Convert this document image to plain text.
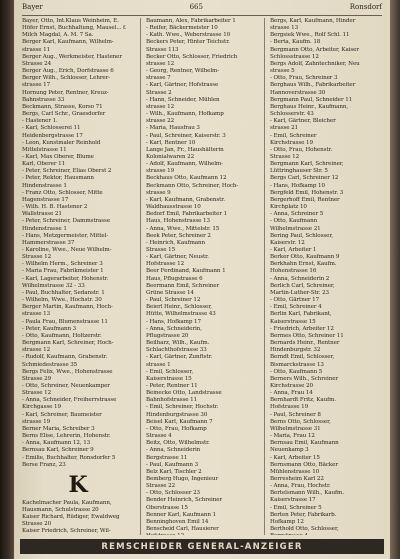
Bayer	665	Ronsdorf
Bayer, Otto, Int.Klaus Weinheim, E.
Höfer Ernst, Buchhaltung, Mausel... f.
Milch Magdal, A. M. 7 Sa.
Berger Karl, Kaufmann, Wilhelm-
strasse 11
Berger Aug., Werkmeister, Hastener
Strasse 24
Berger Aug., Erich, Dorfstrasse 6
Berger Wilh., Schlosser, Lehrer-
strasse 17
Hornung Peter, Rentner, Kreuz-
Bahnstrasse 33
Beckmann, Strasse, Korso 71
Bergs, Carl Schr., Graesdorfer
- Hastener 1.
- Karl, Schlosserei 11
Heidenbergstrasse 17
- Leon, Kunstmaler Reinhold
Mittelstrasse 11
- Karl, Max Oberer, Blume
Karl, Oberer 11
- Peter, Schreiner, Elias Oberst 2
- Peter, Rektor, Hausmann
Hindenstrasse 1
- Franz Otto, Schlosser, Mitte
Hagenstrasse 17
- Wilh. H. B. Hastener 2
Wallstrasse 21
- Peter, Schreiner, Dammstrasse
Hindenstrasse 1
- Hans, Metzgermeister, Mittel-
Hammerstrasse 37
- Karoline, Wwe., Neue Wilhelm-
Strasse 12
- Wilhelm Herm., Schreiner 3
- Maria Frau, Fabrikmeister 1
- Karl, Lagerarbeiter, Hohenstr.
Wilhelmstrasse 32 - 33
- Paul, Buchhalter, Sedanstr. 1
- Wilhelm, Wwe., Hochstr. 30
Berger Martin, Kaufmann, Hoch-
strasse 13
- Paula Frau, Blumenstrasse 11
- Peter, Kaufmann 3
- Otto, Kaufmann, Holtzerstr.
Bergmann Karl, Schreiner, Hoch-
strasse 12
- Rudolf, Kaufmann, Grabenstr.
Schmiedestrasse 35
Bergs Felix, Wwe., Hohenstrasse
Strasse 29
- Otto, Schreiner, Neuenkamper
Strasse 12
- Anna, Schneider, Freiherrstrasse
Kirchgasse 19
- Karl, Schreiner, Baumeister
strasse 19
Berner Maria, Schreiber 3
Berns Elise, Lehrerin, Hohenstr.
- Anna, Kaufmann 12, 13
Bernsau Karl, Schreiner 9
- Emilie, Buchhalter, Ronsdorfer 5
Berse Franz, 23
K
Kachelmacher Paula, Kaufmann,
Hausmann, Schulstrasse 20
Kaiser Richard, Rüdiger, Ewaldweg
Strasse 20
Kaiser Friedrich, Schreiner, Wil-
Baumann, Alex, Fabrikarbeiter 1
- Reifer, Bäckermeister 10
- Kath. Wwe., Weberstrasse 10
Beckers Peter, Hinter Teichstr.
Strasse 113
Becker Otto, Schlosser, Friedrich
strasse 12
- Georg, Rentner, Wilhelm-
strasse 7
- Karl, Gärtner, Hofstrasse
Strasse 2
- Hann, Schneider, Mühlen
strasse 12
- Wilh., Kaufmann, Hofkamp
strasse 22
- Maria, Hausfrau 3
- Paul, Schreiner, Kaiserstr. 3
- Karl, Rentner 10
Lange Jan, Fr., Haushälterin
Kolonialwaren 22
- Adolf, Kaufmann, Wilhelm-
strasse 19
Beckhaus Otto, Kaufmann 12
Beckmann Otto, Schreiner, Hoch-
strasse 9
- Karl, Kaufmann, Grabenstr.
Waldhausstrasse 10
Bedorf Emil, Fabrikarbeiter 1
Haus, Hohenstrasse 13
- Anna, Wwe., Mittelstr. 15
Beek Peter, Schreiner 2
- Heinrich, Kaufmann
Strasse 15
- Karl, Gärtner, Neustr.
Hofstrasse 12
Beer Ferdinand, Kaufmann 1
Haus, Pflugstrasse 6
Beermann Emil, Schreiner
Grüne Strasse 14
- Paul, Schreiner 12
Beierl Heinr., Schlosser,
Hütte, Wilhelmstrasse 43
- Hans, Hofkamp 17
- Anna, Schneiderin,
Pflugstrasse 20
Beilharz, Wilh., Kaufm.
Schlachthofstrasse 33
- Karl, Gärtner, Zunftstr.
strasse 1
- Emil, Schlosser,
Kaiserstrasse 15
- Peter, Rentner 11
Beinecke Otto, Landstrasse
Bahnhofstrasse 11
- Emil, Schreiner, Hochstr.
Hindenburgstrasse 30
Beisel Karl, Kaufmann 7
- Otto, Frau, Hofkamp
Strasse 4
Beitz, Otto, Wilhelmstr.
- Anna, Schneiderin
Bergstrasse 11
- Paul, Kaufmann 3
Belz Karl, Tischler 2
Bemberg Hugo, Ingenieur
Strasse 22
- Otto, Schlosser 23
Bender Heinrich, Schreiner
Oberstrasse 15
Benner Karl, Kaufmann 1
Benninghoven Emil 14
Benscheid Carl, Hausierer
Bergs, Karl, Kaufmann, Hinder
strasse 13
Bergsiek Wwe., Rolf Schl. 11
- Berta, Kaufm. 18
Bergmann Otto, Arbeiter, Kaiser
Schlossstrasse 12
Bergs Adolf, Zahntechniker, Neu
strasse 5
- Otto, Frau, Schreiner 3
Berghaus Wilh., Fabrikarbeiter
Hannoverstrasse 30
Bergmann Paul, Schneider 11
Berghaus Heinr., Kaufmann,
Schlosserstr. 43
- Karl, Gärtner, Bleicher
strasse 21
- Emil, Schreiner
Kirchstrasse 19
- Otto, Frau, Hohenstr.
Strasse 12
Bergmann Karl, Schreiner,
Lüttringhauser Str. 5
Bergs Carl, Schreiner 12
- Hans, Hofkamp 10
Bergfeld Emil, Hohenstr. 3
Bergerhoff Emil, Rentner
Kirchplatz 10
- Anna, Schreiner 5
- Otto, Kaufmann
Wilhelmstrasse 21
Bering Paul, Schlosser,
Kaiserstr. 12
- Karl, Arbeiter 1
Berker Otto, Kaufmann 9
Berkhahn Ernst, Kaufm.
Hohenstrasse 16
- Anna, Schneiderin 2
Berlich Carl, Schreiner,
Martin-Luther-Str. 23
- Otto, Gärtner 17
- Emil, Schreiner 4
Berlin Karl, Fabrikant,
Kaiserstrasse 15
- Friedrich, Arbeiter 12
Bermes Otto, Schreiner 11
Bernards Heinr., Rentner
Hindenburgstr. 32
Berndt Emil, Schlosser,
Bismarckstrasse 13
- Otto, Kaufmann 5
Berners Wilh., Schreiner
Kirchstrasse 20
- Anna, Frau 14
Bernhardt Fritz, Kaufm.
Hofstrasse 19
- Paul, Schreiner 8
Berns Otto, Schlosser,
Wilhelmstrasse 31
- Maria, Frau 12
Bernsau Emil, Kaufmann
Neuenkamp 3
- Karl, Arbeiter 15
Bernsmann Otto, Bäcker
Mühlenstrasse 10
Berresheim Karl 22
- Anna, Frau, Hochstr.
Bertelsmann Wilh., Kaufm.
Kaiserstrasse 17
- Emil, Schreiner 5
Berten Peter, Fabrikarb.
Hofkamp 12
Berthold Otto, Schlosser,
REMSCHEIDER GENERAL-ANZEIGER
